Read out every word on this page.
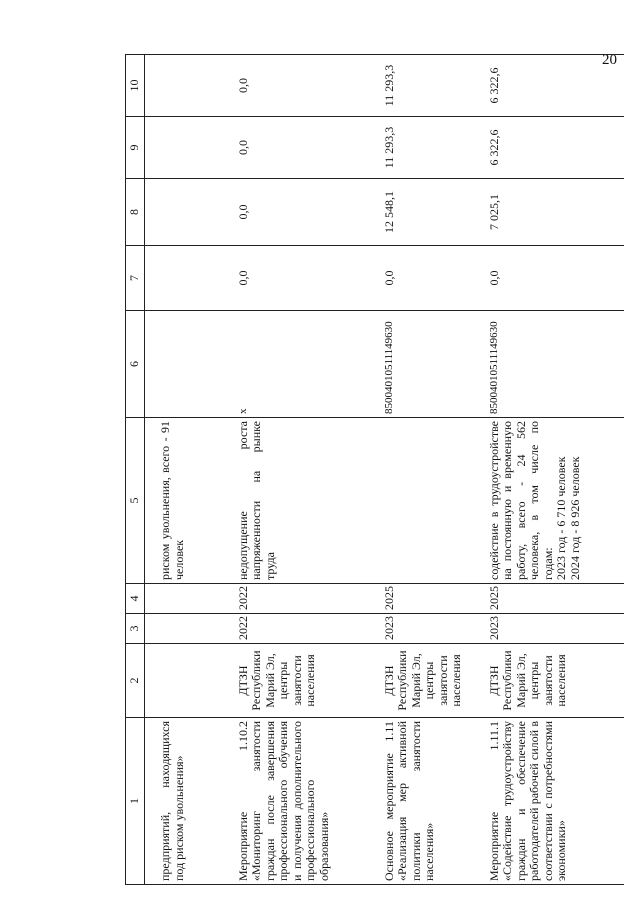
20
1	2	3	4	5	6	7	8	9	10
предприятий, находящихся под риском увольнения»				риском увольнения, всего - 91 человек					
Мероприятие 1.10.2 «Мониторинг занятости граждан после завершения профессионального обучения и получения дополнительного профессионального образования»	ДТЗН Республики Марий Эл, центры занятости населения	2022	2022	недопущение роста напряженности на рынке труда	x	0,0	0,0	0,0	0,0
Основное мероприятие 1.11 «Реализация мер активной политики занятости населения»	ДТЗН Республики Марий Эл, центры занятости населения	2023	2025		85004010511149630	0,0	12 548,1	11 293,3	11 293,3
Мероприятие 1.11.1 «Содействие трудоустройству граждан и обеспечение работодателей рабочей силой в соответствии с потребностями экономики»	ДТЗН Республики Марий Эл, центры занятости населения	2023	2025	содействие в трудоустройстве на постоянную и временную работу, всего - 24 562 человека, в том числе по годам: 2023 год - 6 710 человек 2024 год - 8 926 человек	85004010511149630	0,0	7 025,1	6 322,6	6 322,6
